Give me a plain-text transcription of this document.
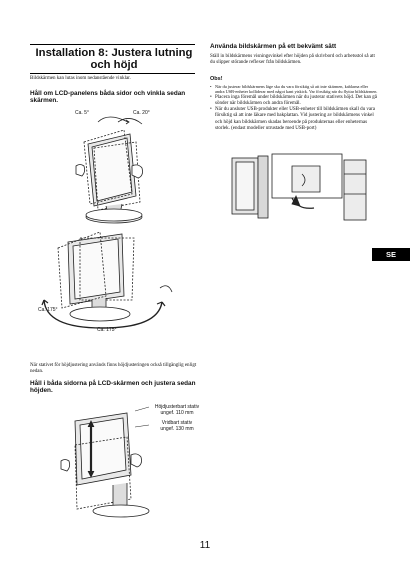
Installation 8: Justera lutning och höjd
Bildskärmen kan lutas inom nedanstående vinklar.
Håll om LCD-panelens båda sidor och vinkla sedan skärmen.
Ca. 5°	Ca. 20°
Ca. 175°
Ca. 175°
När stativet för höjdjustering används finns höjdjusteringen också tillgänglig enligt nedan.
Håll i båda sidorna på LCD-skärmen och justera sedan höjden.
Höjdjusterbart stativ
ungef. 110 mm
Vridbart stativ
ungef. 130 mm
Använda bildskärmen på ett bekvämt sätt
Ställ in bildskärmens visningsvinkel efter höjden på skrivbord och arbetsstol så att du slipper störande reflexer från bildskärmen.
Obs!
• När du justerar bildskärmens läge ska du vara försiktig så att inte skärmen, kablarna eller andra USB-enheter kolliderar med något kant ytskick. Var försiktig när du flyttar bildskärmen.
• Placera inga föremål under bildskärmen när du justerar stativets höjd. Det kan gå sönder när bildskärmen och andra föremål.
• När du ansluter USB-produkter eller USB-enheter till bildskärmen skall du vara försiktig så att inte läkare med bakplattan. Vid justering av bildskärmens vinkel och höjd kan bildskärmen skadas beroende på produkternas eller enheternas storlek. (endast modeller utrustade med USB-port)
SE
11
